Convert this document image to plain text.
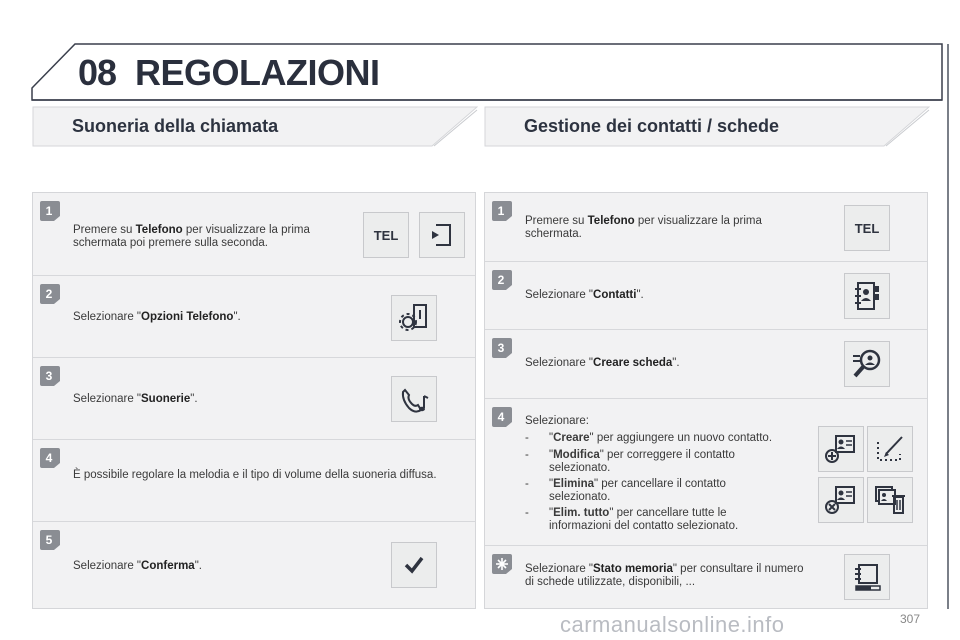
08 REGOLAZIONI
Suoneria della chiamata	Gestione dei contatti / schede
1
Premere su Telefono per visualizzare la prima schermata poi premere sulla seconda.
TEL
2
Selezionare "Opzioni Telefono".
3
Selezionare "Suonerie".
4
È possibile regolare la melodia e il tipo di volume della suoneria diffusa.
5
Selezionare "Conferma".
1
Premere su Telefono per visualizzare la prima schermata.	TEL
2
Selezionare "Contatti".
3
Selezionare "Creare scheda".
4 Selezionare:
- "Creare" per aggiungere un nuovo contatto.
- "Modifica" per correggere il contatto selezionato.
- "Elimina" per cancellare il contatto selezionato.
- "Elim. tutto" per cancellare tutte le informazioni del contatto selezionato.
Selezionare "Stato memoria" per consultare il numero di schede utilizzate, disponibili, ...
carmanualsonline.info	307
